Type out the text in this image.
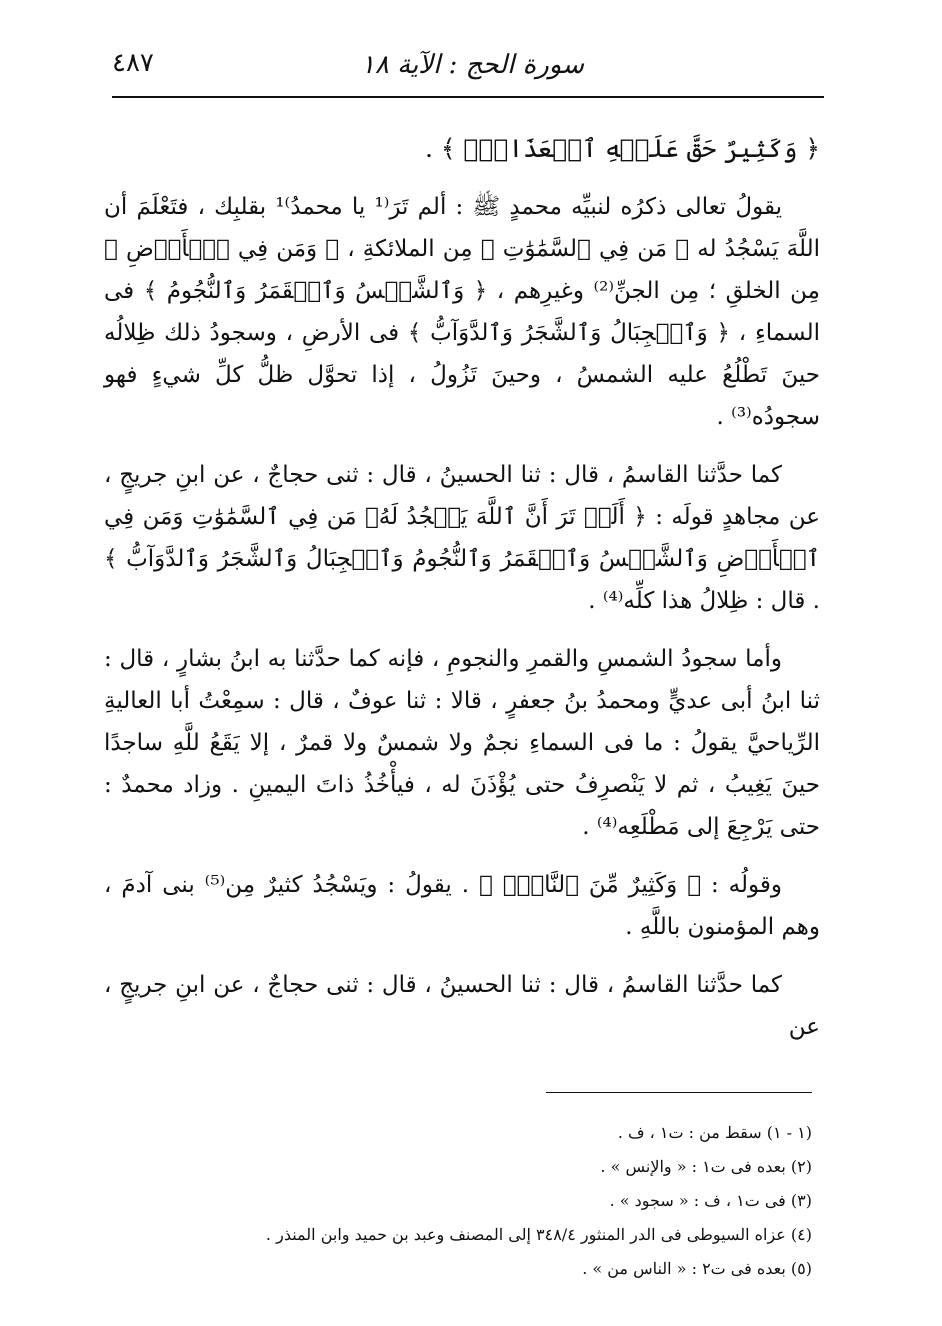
سورة الحج : الآية ١٨
٤٨٧

﴿ وَكَثِيرٌ حَقَّ عَلَيۡهِ ٱلۡعَذَابُۗ ﴾ .

يقولُ تعالى ذكرُه لنبيِّه محمدٍ ﷺ : ألم تَرَ⁽¹ يا محمدُ⁾¹ بقلبِك ، فتَعْلَمَ أن اللَّهَ يَسْجُدُ له ﴿ مَن فِي ٱلسَّمَٰوَٰتِ ﴾ مِن الملائكةِ ، ﴿ وَمَن فِي ٱلۡأَرۡضِ ﴾ مِن الخلقِ ؛ مِن الجنِّ⁽²⁾ وغيرِهم ، ﴿ وَٱلشَّمۡسُ وَٱلۡقَمَرُ وَٱلنُّجُومُ ﴾ فى السماءِ ، ﴿ وَٱلۡجِبَالُ وَٱلشَّجَرُ وَٱلدَّوَآبُّ ﴾ فى الأرضِ ، وسجودُ ذلك ظِلالُه حينَ تَطْلُعُ عليه الشمسُ ، وحينَ تَزُولُ ، إذا تحوَّل ظلُّ كلِّ شيءٍ فهو سجودُه⁽³⁾ .

كما حدَّثنا القاسمُ ، قال : ثنا الحسينُ ، قال : ثنى حجاجٌ ، عن ابنِ جريجٍ ، عن مجاهدٍ قولَه : ﴿ أَلَمۡ تَرَ أَنَّ ٱللَّهَ يَسۡجُدُ لَهُۥ مَن فِي ٱلسَّمَٰوَٰتِ وَمَن فِي ٱلۡأَرۡضِ وَٱلشَّمۡسُ وَٱلۡقَمَرُ وَٱلنُّجُومُ وَٱلۡجِبَالُ وَٱلشَّجَرُ وَٱلدَّوَآبُّ ﴾ . قال : ظِلالُ هذا كلِّه⁽⁴⁾ .

وأما سجودُ الشمسِ والقمرِ والنجومِ ، فإنه كما حدَّثنا به ابنُ بشارٍ ، قال : ثنا ابنُ أبى عديٍّ ومحمدُ بنُ جعفرٍ ، قالا : ثنا عوفٌ ، قال : سمِعْتُ أبا العاليةِ الرِّياحيَّ يقولُ : ما فى السماءِ نجمٌ ولا شمسٌ ولا قمرٌ ، إلا يَقَعُ للَّهِ ساجدًا حينَ يَغِيبُ ، ثم لا يَنْصرِفُ حتى يُؤْذَنَ له ، فيأْخُذُ ذاتَ اليمينِ . وزاد محمدٌ : حتى يَرْجِعَ إلى مَطْلَعِه⁽⁴⁾ .

وقولُه : ﴿ وَكَثِيرٌ مِّنَ ٱلنَّاسِۖ ﴾ . يقولُ : ويَسْجُدُ كثيرٌ مِن⁽⁵⁾ بنى آدمَ ، وهم المؤمنون باللَّهِ .

كما حدَّثنا القاسمُ ، قال : ثنا الحسينُ ، قال : ثنى حجاجٌ ، عن ابنِ جريجٍ ، عن

(١ - ١) سقط من : ت١ ، ف .
(٢) بعده فى ت١ : « والإنس » .
(٣) فى ت١ ، ف : « سجود » .
(٤) عزاه السيوطى فى الدر المنثور ٣٤٨/٤ إلى المصنف وعبد بن حميد وابن المنذر .
(٥) بعده فى ت٢ : « الناس من » .
